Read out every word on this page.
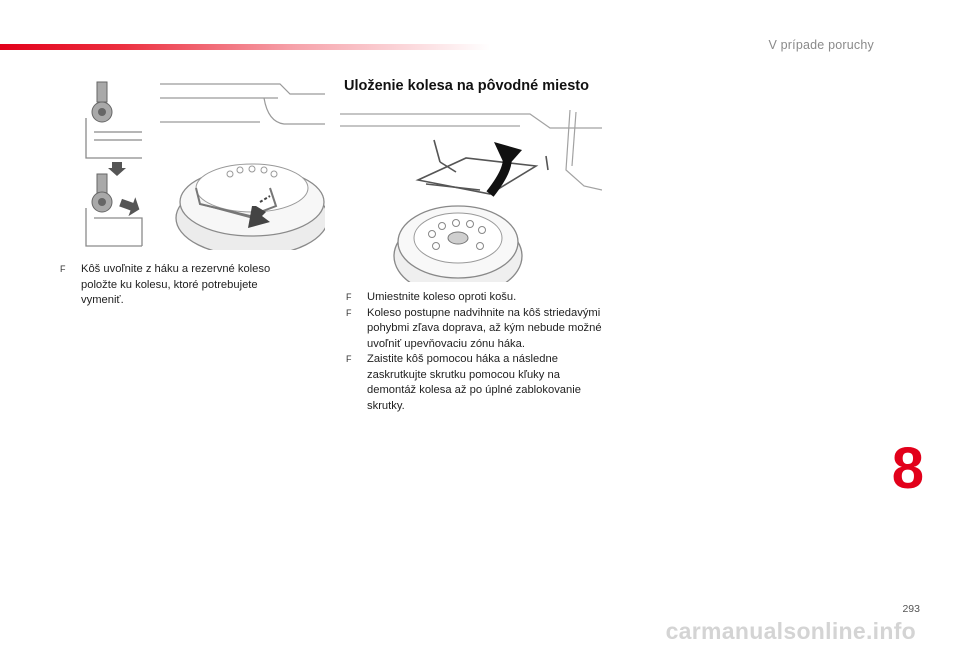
V prípade poruchy
Uloženie kolesa na pôvodné miesto
F	Kôš uvoľnite z háku a rezervné koleso položte ku kolesu, ktoré potrebujete vymeniť.	F	Umiestnite koleso oproti košu.
F	Koleso postupne nadvihnite na kôš striedavými pohybmi zľava doprava, až kým nebude možné uvoľniť upevňovaciu zónu háka.
F	Zaistite kôš pomocou háka a následne zaskrutkujte skrutku pomocou kľuky na demontáž kolesa až po úplné zablokovanie skrutky.
8
293
carmanualsonline.info
